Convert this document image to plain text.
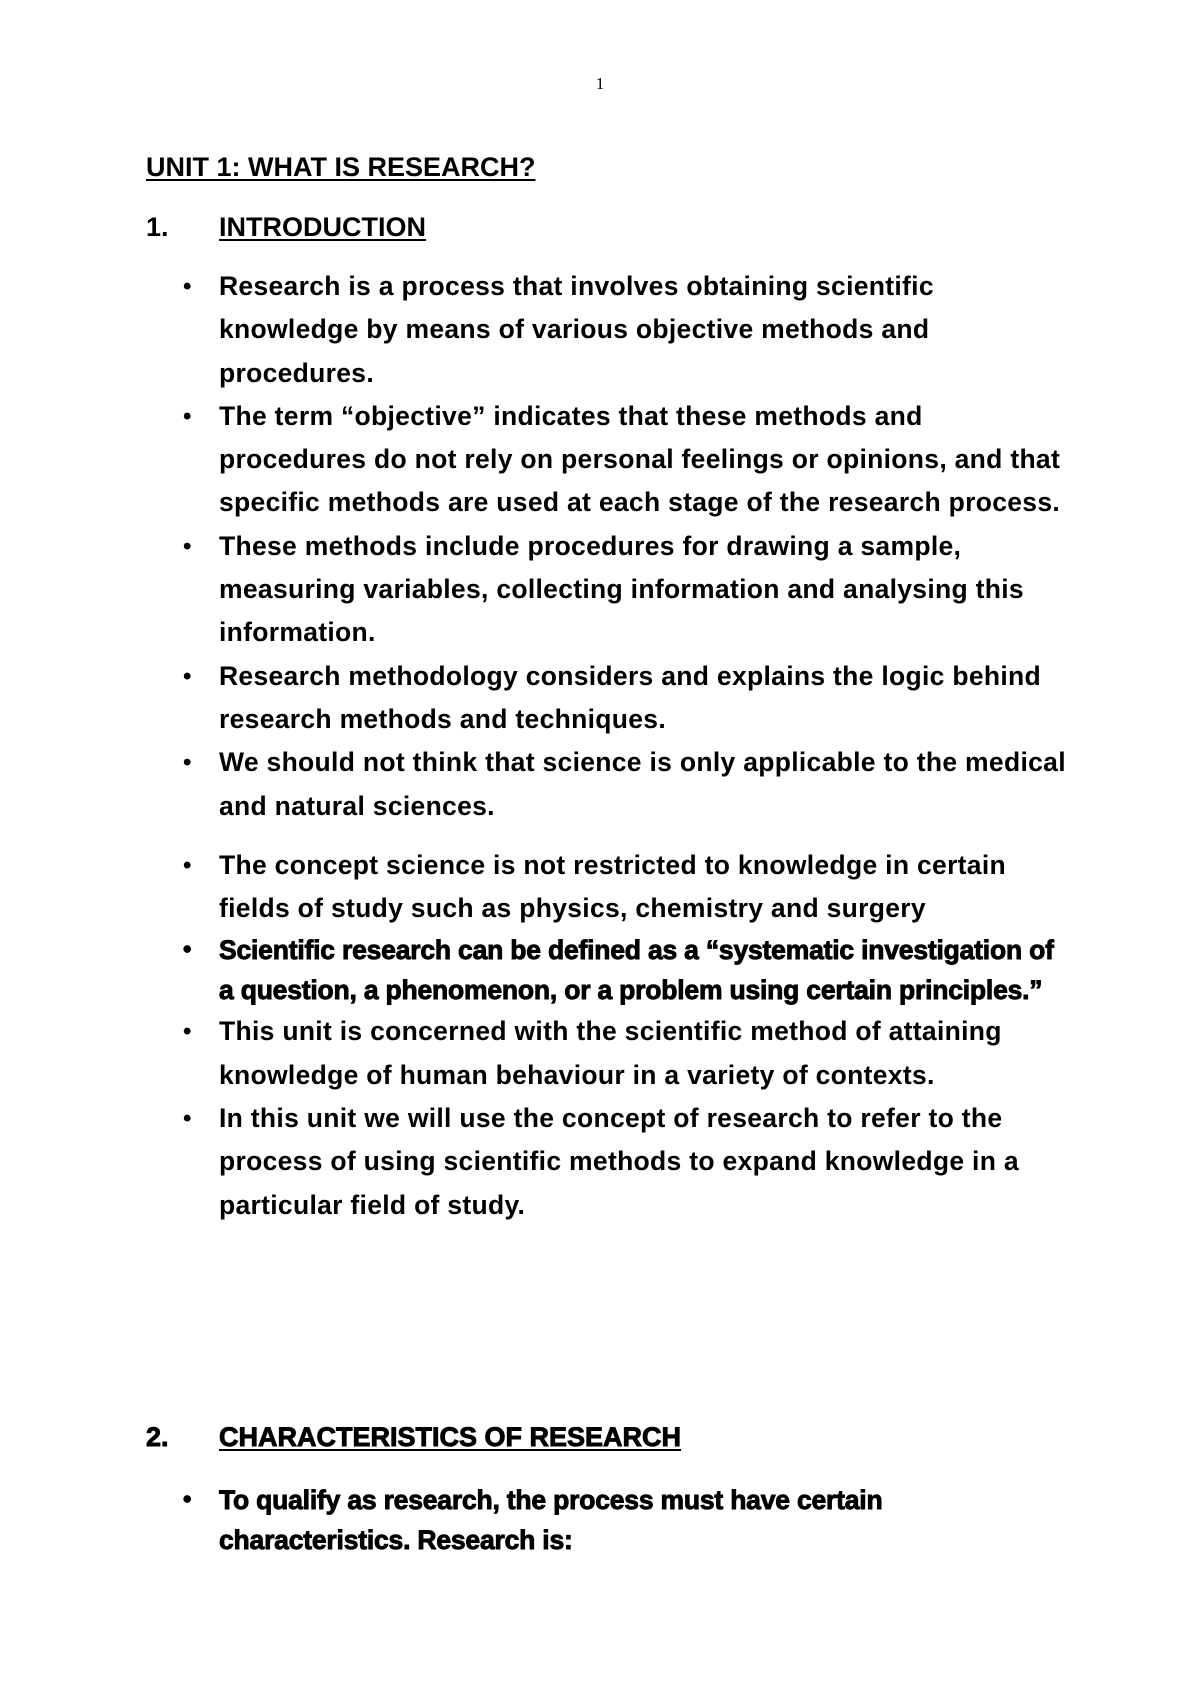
1
UNIT 1: WHAT IS RESEARCH?
1. INTRODUCTION
• Research is a process that involves obtaining scientific knowledge by means of various objective methods and procedures.
• The term “objective” indicates that these methods and procedures do not rely on personal feelings or opinions, and that specific methods are used at each stage of the research process.
• These methods include procedures for drawing a sample, measuring variables, collecting information and analysing this information.
• Research methodology considers and explains the logic behind research methods and techniques.
• We should not think that science is only applicable to the medical and natural sciences.
• The concept science is not restricted to knowledge in certain fields of study such as physics, chemistry and surgery
• Scientific research can be defined as a “systematic investigation of a question, a phenomenon, or a problem using certain principles.”
• This unit is concerned with the scientific method of attaining knowledge of human behaviour in a variety of contexts.
• In this unit we will use the concept of research to refer to the process of using scientific methods to expand knowledge in a particular field of study.
2. CHARACTERISTICS OF RESEARCH
• To qualify as research, the process must have certain characteristics. Research is:
